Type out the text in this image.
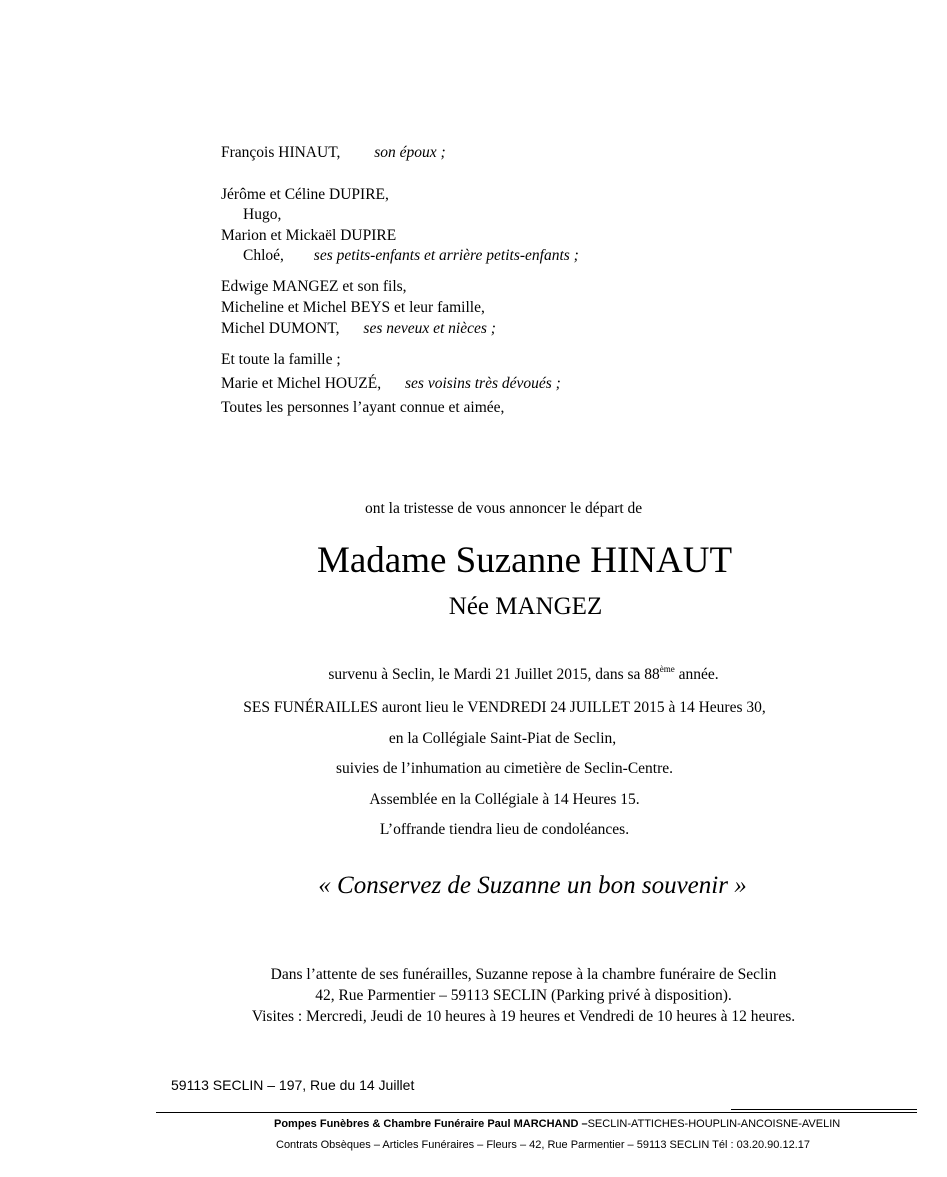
François HINAUT, son époux ;
Jérôme et Céline DUPIRE,
Hugo,
Marion et Mickaël DUPIRE
Chloé, ses petits-enfants et arrière petits-enfants ;
Edwige MANGEZ et son fils,
Micheline et Michel BEYS et leur famille,
Michel DUMONT, ses neveux et nièces ;
Et toute la famille ;
Marie et Michel HOUZÉ, ses voisins très dévoués ;
Toutes les personnes l’ayant connue et aimée,
ont la tristesse de vous annoncer le départ de
Madame Suzanne HINAUT
Née MANGEZ
survenu à Seclin, le Mardi 21 Juillet 2015, dans sa 88ème année.
SES FUNÉRAILLES auront lieu le VENDREDI 24 JUILLET 2015 à 14 Heures 30,
en la Collégiale Saint-Piat de Seclin,
suivies de l’inhumation au cimetière de Seclin-Centre.
Assemblée en la Collégiale à 14 Heures 15.
L’offrande tiendra lieu de condoléances.
« Conservez de Suzanne un bon souvenir »
Dans l’attente de ses funérailles, Suzanne repose à la chambre funéraire de Seclin
42, Rue Parmentier – 59113 SECLIN (Parking privé à disposition).
Visites : Mercredi, Jeudi de 10 heures à 19 heures et Vendredi de 10 heures à 12 heures.
59113 SECLIN – 197, Rue du 14 Juillet
Pompes Funèbres & Chambre Funéraire Paul MARCHAND –SECLIN-ATTICHES-HOUPLIN-ANCOISNE-AVELIN
Contrats Obsèques – Articles Funéraires – Fleurs – 42, Rue Parmentier – 59113 SECLIN Tél : 03.20.90.12.17
